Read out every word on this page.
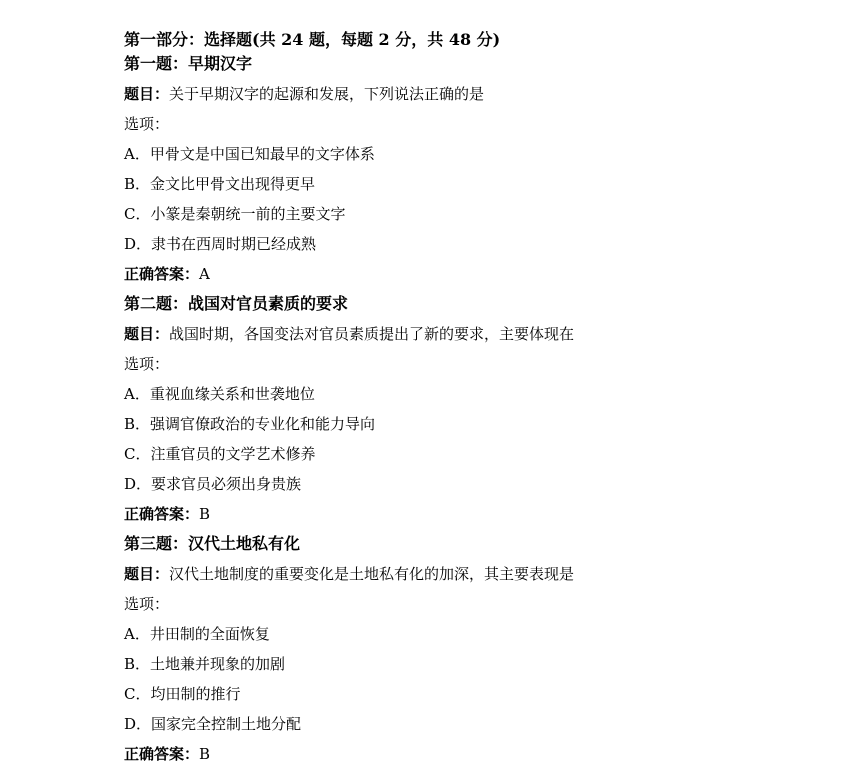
第一部分：选择题(共 24 题，每题 2 分，共 48 分)
第一题：早期汉字
题目：关于早期汉字的起源和发展，下列说法正确的是
选项：
A．甲骨文是中国已知最早的文字体系
B．金文比甲骨文出现得更早
C．小篆是秦朝统一前的主要文字
D．隶书在西周时期已经成熟
正确答案：A
第二题：战国对官员素质的要求
题目：战国时期，各国变法对官员素质提出了新的要求，主要体现在
选项：
A．重视血缘关系和世袭地位
B．强调官僚政治的专业化和能力导向
C．注重官员的文学艺术修养
D．要求官员必须出身贵族
正确答案：B
第三题：汉代土地私有化
题目：汉代土地制度的重要变化是土地私有化的加深，其主要表现是
选项：
A．井田制的全面恢复
B．土地兼并现象的加剧
C．均田制的推行
D．国家完全控制土地分配
正确答案：B
